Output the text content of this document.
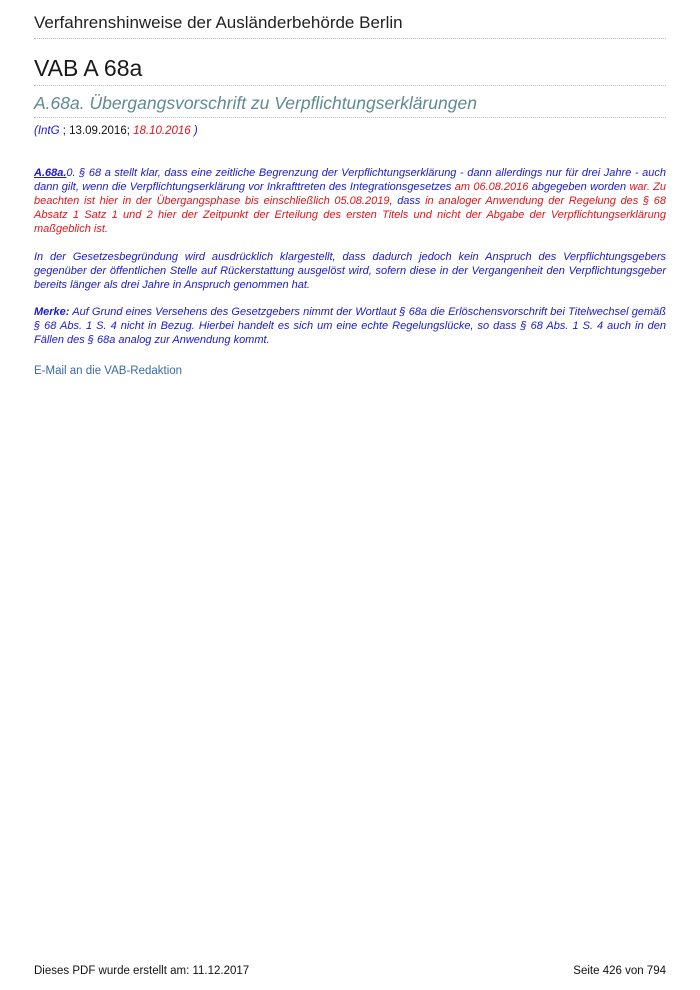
Verfahrenshinweise der Ausländerbehörde Berlin
VAB A 68a
A.68a. Übergangsvorschrift zu Verpflichtungserklärungen
(IntG ; 13.09.2016; 18.10.2016 )

A.68a.0. § 68 a stellt klar, dass eine zeitliche Begrenzung der Verpflichtungserklärung - dann allerdings nur für drei Jahre - auch dann gilt, wenn die Verpflichtungserklärung vor Inkrafttreten des Integrationsgesetzes am 06.08.2016 abgegeben worden war. Zu beachten ist hier in der Übergangsphase bis einschließlich 05.08.2019, dass in analoger Anwendung der Regelung des § 68 Absatz 1 Satz 1 und 2 hier der Zeitpunkt der Erteilung des ersten Titels und nicht der Abgabe der Verpflichtungserklärung maßgeblich ist.

In der Gesetzesbegründung wird ausdrücklich klargestellt, dass dadurch jedoch kein Anspruch des Verpflichtungsgebers gegenüber der öffentlichen Stelle auf Rückerstattung ausgelöst wird, sofern diese in der Vergangenheit den Verpflichtungsgeber bereits länger als drei Jahre in Anspruch genommen hat.

Merke: Auf Grund eines Versehens des Gesetzgebers nimmt der Wortlaut § 68a die Erlöschensvorschrift bei Titelwechsel gemäß § 68 Abs. 1 S. 4 nicht in Bezug. Hierbei handelt es sich um eine echte Regelungslücke, so dass § 68 Abs. 1 S. 4 auch in den Fällen des § 68a analog zur Anwendung kommt.

E-Mail an die VAB-Redaktion
Dieses PDF wurde erstellt am: 11.12.2017	Seite 426 von 794
